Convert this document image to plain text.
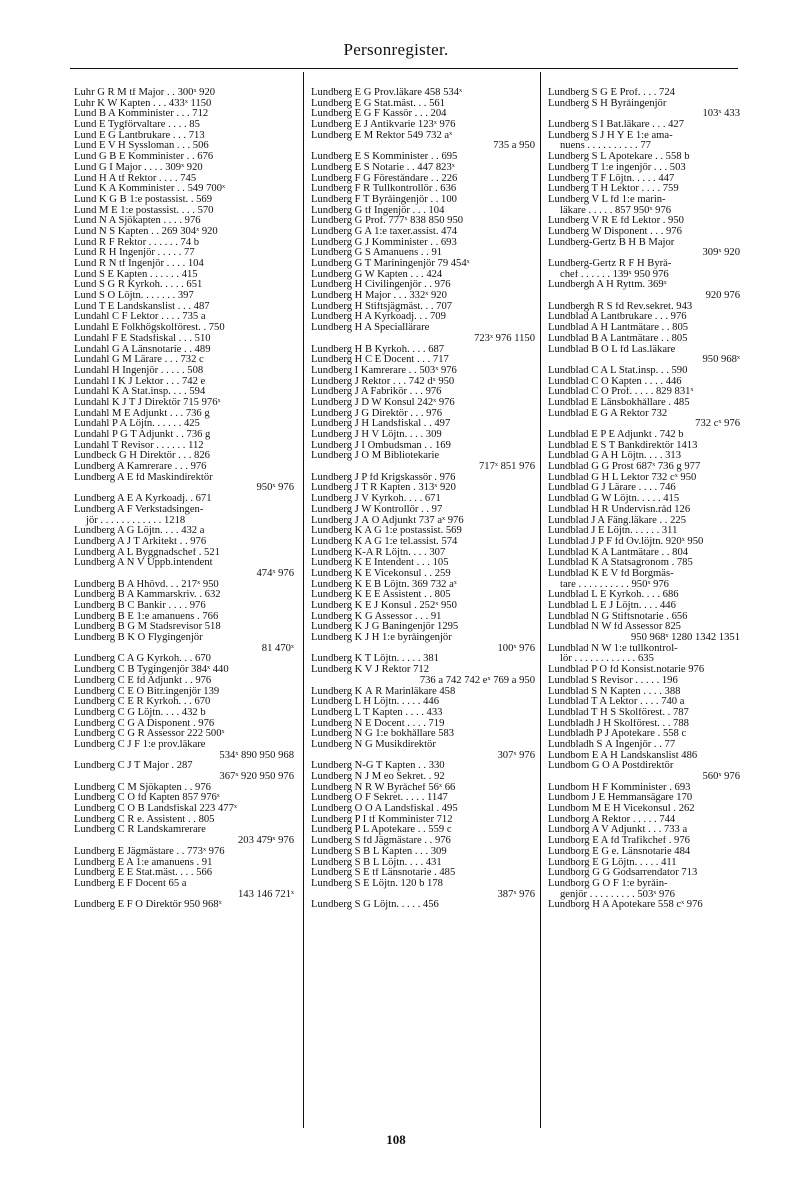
Personregister.
Luhr G R M tf Major . . 300ˣ 920
Luhr K W Kapten . . . 433ˣ 1150
Lund B A Komminister . . . 712
Lund E Tygförvaltare . . . . 85
Lund E G Lantbrukare . . . 713
Lund E V H Syssloman . . . 506
Lund G B E Komminister . . 676
Lund G I Major . . . . 309ˣ 920
Lund H A tf Rektor . . . . 745
Lund K A Komminister . . 549 700ˣ
Lund K G B 1:e postassist. . 569
Lund M E 1:e postassist. . . . 570
Lund N A Sjökapten . . . . 976
Lund N S Kapten . . 269 304ˣ 920
Lund R F Rektor . . . . . . 74 b
Lund R H Ingenjör . . . . . 77
Lund R N tf Ingenjör . . . . 104
Lund S E Kapten . . . . . . 415
Lund S G R Kyrkoh. . . . . 651
Lund S O Löjtn. . . . . . . 397
Lund T E Landskanslist . . . 487
Lundahl C F Lektor . . . . 735 a
Lundahl E Folkhögskolförest. . 750
Lundahl F E Stadsfiskal . . . 510
Lundahl G A Länsnotarie . . 489
Lundahl G M Lärare . . . 732 c
Lundahl H Ingenjör . . . . . 508
Lundahl I K J Lektor . . . 742 e
Lundahl K A Stat.insp. . . . 594
Lundahl K J T J Direktör 715 976ˣ
Lundahl M E Adjunkt . . . 736 g
Lundahl P A Löjtn. . . . . . 425
Lundahl P G T Adjunkt . . 736 g
Lundahl T Revisor . . . . . . 112
Lundbeck G H Direktör . . . 826
Lundberg A Kamrerare . . . 976
Lundberg A E fd Maskindirektör
950ˣ 976
Lundberg A E A Kyrkoadj. . 671
Lundberg A F Verkstadsingen-
jör . . . . . . . . . . . . 1218
Lundberg A G Löjtn. . . . 432 a
Lundberg A J T Arkitekt . . 976
Lundberg A L Byggnadschef . 521
Lundberg A N V Uppb.intendent
474ˣ 976
Lundberg B A Hhövd. . . 217ˣ 950
Lundberg B A Kammarskriv. . 632
Lundberg B C Bankir . . . . 976
Lundberg B E 1:e amanuens . 766
Lundberg B G M Stadsrevisor 518
Lundberg B K O Flygingenjör
81 470ˣ
Lundberg C A G Kyrkoh. . . 670
Lundberg C B Tygingenjör 384ˣ 440
Lundberg C E fd Adjunkt . . 976
Lundberg C E O Bitr.ingenjör 139
Lundberg C E R Kyrkoh. . . 670
Lundberg C G Löjtn. . . . 432 b
Lundberg C G A Disponent . 976
Lundberg C G R Assessor 222 500ˣ
Lundberg C J F 1:e prov.läkare
534ˣ 890 950 968
Lundberg C J T Major . 287
367ˣ 920 950 976
Lundberg C M Sjökapten . . 976
Lundberg C O fd Kapten 857 976ˣ
Lundberg C O B Landsfiskal 223 477ˣ
Lundberg C R e. Assistent . . 805
Lundberg C R Landskamrerare
203 479ˣ 976
Lundberg E Jägmästare . . 773ˣ 976
Lundberg E A 1:e amanuens . 91
Lundberg E E Stat.mäst. . . . 566
Lundberg E F Docent 65 a
143 146 721ˣ
Lundberg E F O Direktör 950 968ˣ
Lundberg E G Prov.läkare 458 534ˣ
Lundberg E G Stat.mäst. . . 561
Lundberg E G F Kassör . . . 204
Lundberg E J Antikvarie 123ˣ 976
Lundberg E M Rektor 549 732 aˣ
735 a 950
Lundberg E S Komminister . . 695
Lundberg E S Notarie . . 447 823ˣ
Lundberg F G Föreståndare . . 226
Lundberg F R Tullkontrollör . 636
Lundberg F T Byråingenjör . . 100
Lundberg G tf Ingenjör . . . 104
Lundberg G Prof. 777ˣ 838 850 950
Lundberg G A 1:e taxer.assist. 474
Lundberg G J Komminister . . 693
Lundberg G S Amanuens . . 91
Lundberg G T Mariningenjör 79 454ˣ
Lundberg G W Kapten . . . 424
Lundberg H Civilingenjör . . 976
Lundberg H Major . . . 332ˣ 920
Lundberg H Stiftsjägmäst. . . 707
Lundberg H A Kyrkoadj. . . 709
Lundberg H A Speciallärare
723ˣ 976 1150
Lundberg H B Kyrkoh. . . . 687
Lundberg H C E Docent . . . 717
Lundberg I Kamrerare . . 503ˣ 976
Lundberg J Rektor . . . 742 dˣ 950
Lundberg J A Fabrikör . . . 976
Lundberg J D W Konsul 242ˣ 976
Lundberg J G Direktör . . . 976
Lundberg J H Landsfiskal . . 497
Lundberg J H V Löjtn. . . . 309
Lundberg J I Ombudsman . . 169
Lundberg J O M Bibliotekarie
717ˣ 851 976
Lundberg J P fd Krigskassör . 976
Lundberg J T R Kapten . 313ˣ 920
Lundberg J V Kyrkoh. . . . 671
Lundberg J W Kontrollör . . 97
Lundberg J Å O Adjunkt 737 aˣ 976
Lundberg K A G 1:e postassist. 569
Lundberg K A G 1:e tel.assist. 574
Lundberg K-A R Löjtn. . . . 307
Lundberg K E Intendent . . . 105
Lundberg K E Vicekonsul . . 259
Lundberg K E B Löjtn. 369 732 aˣ
Lundberg K E E Assistent . . 805
Lundberg K E J Konsul . 252ˣ 950
Lundberg K G Assessor . . . 91
Lundberg K J G Baningenjör 1295
Lundberg K J H 1:e byråingenjör
100ˣ 976
Lundberg K T Löjtn. . . . . 381
Lundberg K V J Rektor 712
736 a 742 742 eˣ 769 a 950
Lundberg K Å R Marinläkare 458
Lundberg L H Löjtn. . . . . 446
Lundberg L T Kapten . . . . 433
Lundberg N E Docent . . . . 719
Lundberg N G 1:e bokhållare 583
Lundberg N G Musikdirektör
307ˣ 976
Lundberg N-G T Kapten . . 330
Lundberg N J M eo Sekret. . 92
Lundberg N R W Byråchef 56ˣ 66
Lundberg O F Sekret. . . . . 1147
Lundberg O O A Landsfiskal . 495
Lundberg P I tf Komminister 712
Lundberg P L Apotekare . . 559 c
Lundberg S fd Jägmästare . . 976
Lundberg S B L Kapten . . . 309
Lundberg S B L Löjtn. . . . 431
Lundberg S E tf Länsnotarie . 485
Lundberg S E Löjtn. 120 b 178
387ˣ 976
Lundberg S G Löjtn. . . . . 456
Lundberg S G E Prof. . . . 724
Lundberg S H Byråingenjör
103ˣ 433
Lundberg S I Bat.läkare . . . 427
Lundberg S J H Y E 1:e ama-
nuens . . . . . . . . . . 77
Lundberg S L Apotekare . . 558 b
Lundberg T 1:e ingenjör . . . 503
Lundberg T F Löjtn. . . . . 447
Lundberg T H Lektor . . . . 759
Lundberg V L fd 1:e marin-
läkare . . . . . 857 950ˣ 976
Lundberg V R E fd Lektor . 950
Lundberg W Disponent . . . 976
Lundberg-Gertz B H B Major
309ˣ 920
Lundberg-Gertz R F H Byrå-
chef . . . . . . 139ˣ 950 976
Lundbergh A H Ryttm. 369ˣ
920 976
Lundbergh R S fd Rev.sekret. 943
Lundblad A Lantbrukare . . . 976
Lundblad A H Lantmätare . . 805
Lundblad B A Lantmätare . . 805
Lundblad B O L fd Las.läkare
950 968ˣ
Lundblad C A L Stat.insp. . . 590
Lundblad C O Kapten . . . . 446
Lundblad C O Prof. . . . . 829 831ˣ
Lundblad E Länsbokhållare . 485
Lundblad E G A Rektor 732
732 cˣ 976
Lundblad E P E Adjunkt . 742 b
Lundblad E S T Bankdirektör 1413
Lundblad G A H Löjtn. . . . 313
Lundblad G G Prost 687ˣ 736 g 977
Lundblad G H L Lektor 732 cˣ 950
Lundblad G J Lärare . . . . 746
Lundblad G W Löjtn. . . . . 415
Lundblad H R Undervisn.råd 126
Lundblad J A Fäng.läkare . . 225
Lundblad J E Löjtn. . . . . . 311
Lundblad J P F fd Öv.löjtn. 920ˣ 950
Lundblad K A Lantmätare . . 804
Lundblad K A Statsagronom . 785
Lundblad K E V fd Borgmäs-
tare . . . . . . . . . . 950ˣ 976
Lundblad L E Kyrkoh. . . . 686
Lundblad L E J Löjtn. . . . 446
Lundblad N G Stiftsnotarie . 656
Lundblad N W fd Assessor 825
950 968ˣ 1280 1342 1351
Lundblad N W 1:e tullkontrol-
lör . . . . . . . . . . . . 635
Lundblad P O fd Konsist.notarie 976
Lundblad S Revisor . . . . . 196
Lundblad S N Kapten . . . . 388
Lundblad T A Lektor . . . . 740 a
Lundblad T H S Skolförest. . 787
Lundbladh J H Skolförest. . . 788
Lundbladh P J Apotekare . 558 c
Lundbladh S Å Ingenjör . . 77
Lundbom E A H Landskanslist 486
Lundbom G O A Postdirektör
560ˣ 976
Lundbom H F Komminister . 693
Lundbom J E Hemmansägare 170
Lundbom M E H Vicekonsul . 262
Lundborg A Rektor . . . . . 744
Lundborg A V Adjunkt . . . 733 a
Lundborg E A fd Trafikchef . 976
Lundborg E G e. Länsnotarie 484
Lundborg E G Löjtn. . . . . 411
Lundborg G G Godsarrendator 713
Lundborg G O F 1:e byråin-
genjör . . . . . . . . . 503ˣ 976
Lundborg H A Apotekare 558 cˣ 976
108
